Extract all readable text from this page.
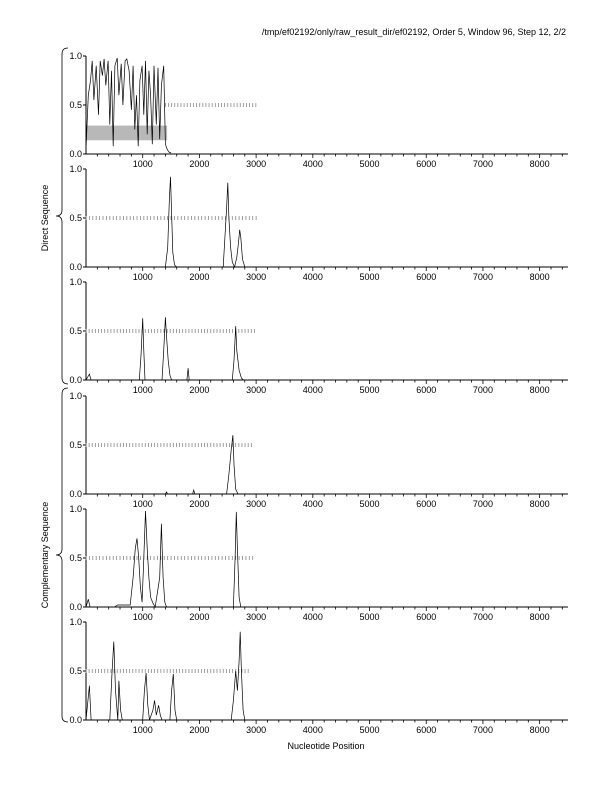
/tmp/ef02192/only/raw_result_dir/ef02192, Order 5, Window 96, Step 12, 2/2
0.0
0.5
1.0
1000	2000	3000	4000	5000	6000	7000	8000
0.0
0.5
1.0
1000	2000	3000	4000	5000	6000	7000	8000
0.0
0.5
1.0
1000	2000	3000	4000	5000	6000	7000	8000
0.0
0.5
1.0
1000	2000	3000	4000	5000	6000	7000	8000
0.0
0.5
1.0
1000	2000	3000	4000	5000	6000	7000	8000
0.0
0.5
1.0
1000	2000	3000	4000	5000	6000	7000	8000
Direct Sequence
Complementary Sequence
Nucleotide Position
